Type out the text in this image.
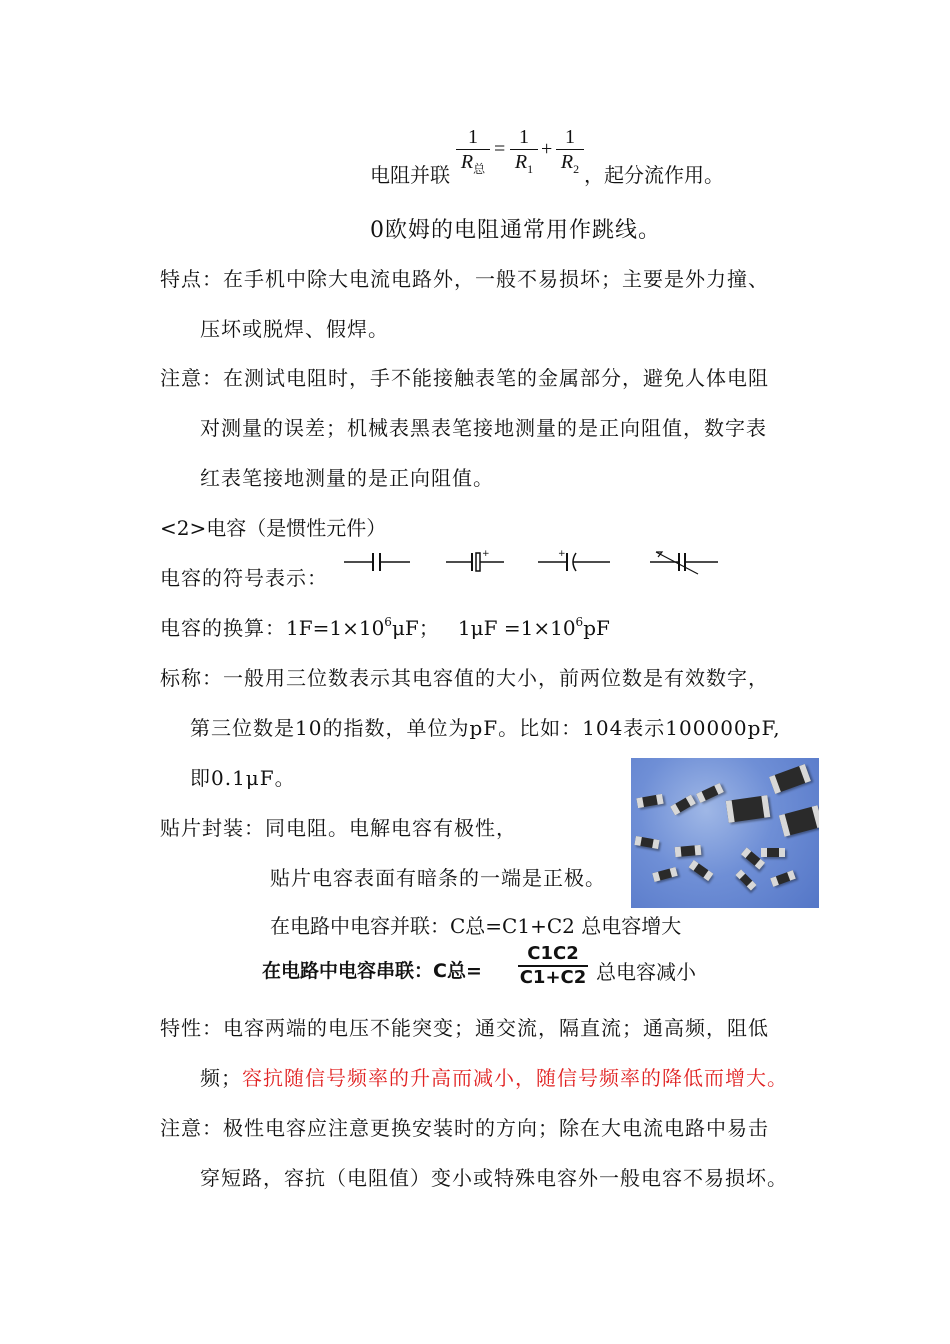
电阻并联
1
$R_总$
=
1
$R_1$
+
1
$R_2$ ，起分流作用。
0欧姆的电阻通常用作跳线。
特点：在手机中除大电流电路外，一般不易损坏；主要是外力撞、
压坏或脱焊、假焊。
注意：在测试电阻时，手不能接触表笔的金属部分，避免人体电阻
对测量的误差；机械表黑表笔接地测量的是正向阻值，数字表
红表笔接地测量的是正向阻值。
<2>电容（是惯性元件）
电容的符号表示：
+	+
电容的换算：$1F=1\times 10^6\mu F$； $1\mu F =1\times 10^6pF$
标称：一般用三位数表示其电容值的大小，前两位数是有效数字，
第三位数是10的指数，单位为pF。比如：104表示100000pF,
即0.1μF。
贴片封装：同电阻。电解电容有极性，
贴片电容表面有暗条的一端是正极。
在电路中电容并联：C总=C1+C2 总电容增大
在电路中电容串联：C总=
C1C2
C1+C2 总电容减小
特性：电容两端的电压不能突变；通交流，隔直流；通高频，阻低
频；容抗随信号频率的升高而减小，随信号频率的降低而增大。
注意：极性电容应注意更换安装时的方向；除在大电流电路中易击
穿短路，容抗（电阻值）变小或特殊电容外一般电容不易损坏。
